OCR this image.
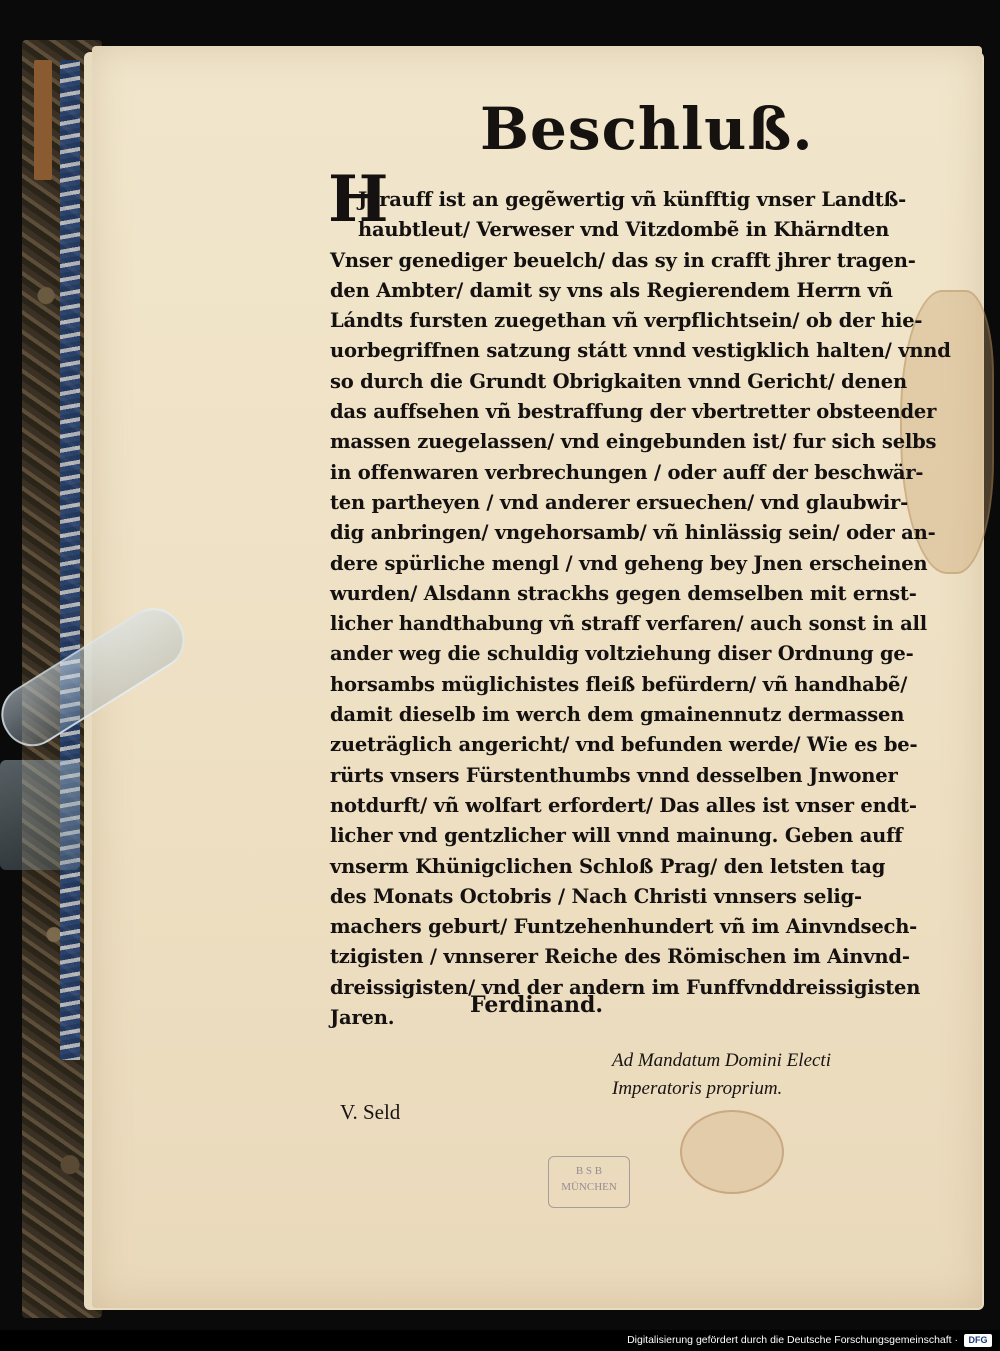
Beschluß.
H
Jerauff ist an gegẽwertig vñ künfftig vnser Landtß-
haubtleut/ Verweser vnd Vitzdombẽ in Khärndten
Vnser genediger beuelch/ das sy in crafft jhrer tragen-
den Ambter/ damit sy vns als Regierendem Herrn vñ
Lándts fursten zuegethan vñ verpflichtsein/ ob der hie-
uorbegriffnen satzung státt vnnd vestigklich halten/ vnnd
so durch die Grundt Obrigkaiten vnnd Gericht/ denen
das auffsehen vñ bestraffung der vbertretter obsteender
massen zuegelassen/ vnd eingebunden ist/ fur sich selbs
in offenwaren verbrechungen / oder auff der beschwär-
ten partheyen / vnd anderer ersuechen/ vnd glaubwir-
dig anbringen/ vngehorsamb/ vñ hinlässig sein/ oder an-
dere spürliche mengl / vnd geheng bey Jnen erscheinen
wurden/ Alsdann strackhs gegen demselben mit ernst-
licher handthabung vñ straff verfaren/ auch sonst in all
ander weg die schuldig voltziehung diser Ordnung ge-
horsambs müglichistes fleiß befürdern/ vñ handhabẽ/
damit dieselb im werch dem gmainennutz dermassen
zueträglich angericht/ vnd befunden werde/ Wie es be-
rürts vnsers Fürstenthumbs vnnd desselben Jnwoner
notdurft/ vñ wolfart erfordert/ Das alles ist vnser endt-
licher vnd gentzlicher will vnnd mainung. Geben auff
vnserm Khünigclichen Schloß Prag/ den letsten tag
des Monats Octobris / Nach Christi vnnsers selig-
machers geburt/ Funtzehenhundert vñ im Ainvndsech-
tzigisten / vnnserer Reiche des Römischen im Ainvnd-
dreissigisten/ vnd der andern im Funffvnddreissigisten
Jaren.	Ferdinand.
Ad Mandatum Domini Electi
Imperatoris proprium.
V. Seld
B S B
MÜNCHEN
Digitalisierung gefördert durch die Deutsche Forschungsgemeinschaft ·	DFG
